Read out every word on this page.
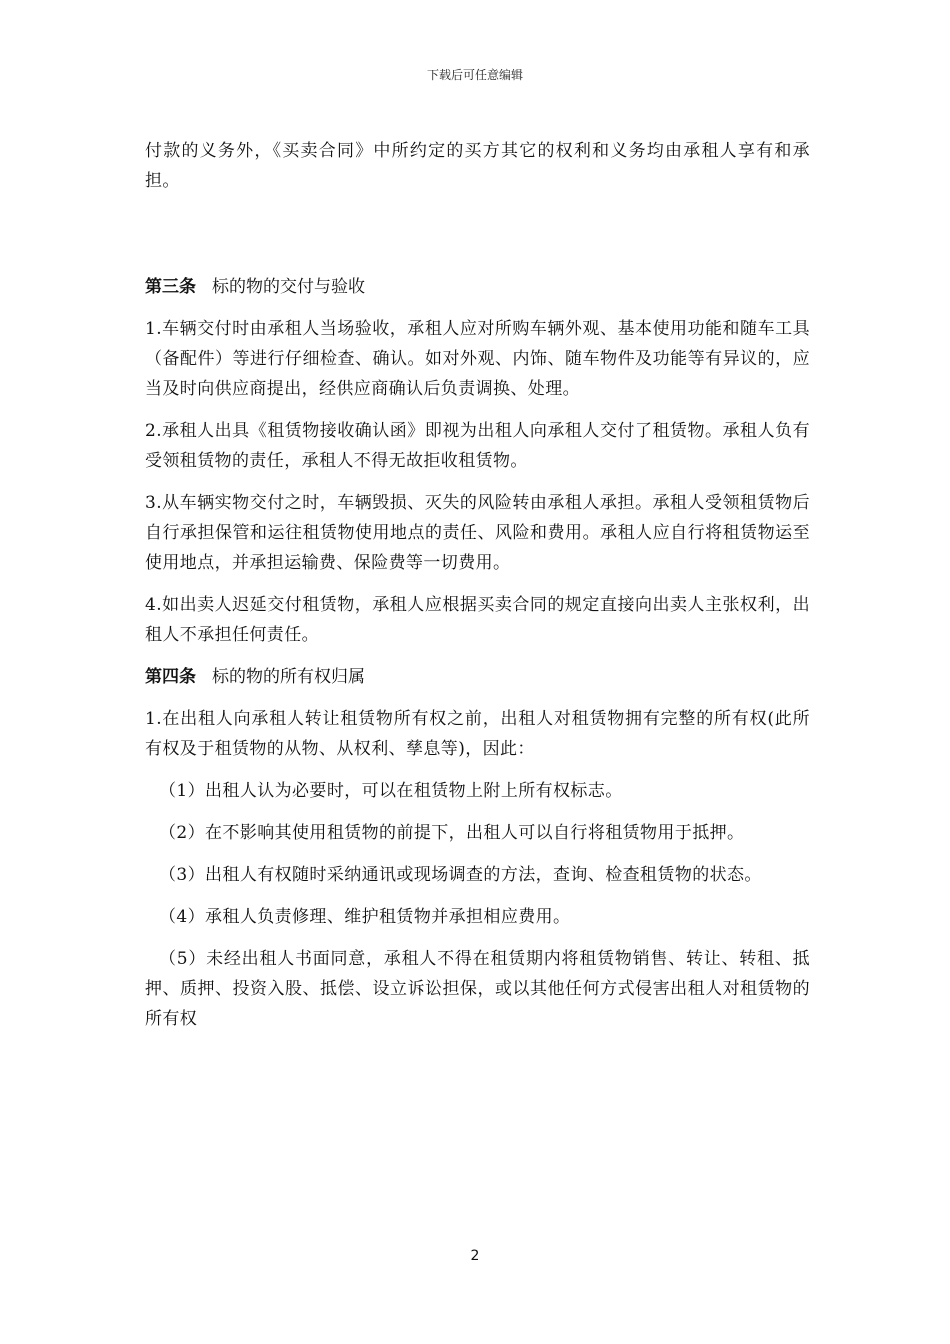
下载后可任意编辑

付款的义务外，《买卖合同》中所约定的买方其它的权利和义务均由承租人享有和承担。

第三条 标的物的交付与验收

1.车辆交付时由承租人当场验收，承租人应对所购车辆外观、基本使用功能和随车工具（备配件）等进行仔细检查、确认。如对外观、内饰、随车物件及功能等有异议的，应当及时向供应商提出，经供应商确认后负责调换、处理。

2.承租人出具《租赁物接收确认函》即视为出租人向承租人交付了租赁物。承租人负有受领租赁物的责任，承租人不得无故拒收租赁物。

3.从车辆实物交付之时，车辆毁损、灭失的风险转由承租人承担。承租人受领租赁物后自行承担保管和运往租赁物使用地点的责任、风险和费用。承租人应自行将租赁物运至使用地点，并承担运输费、保险费等一切费用。

4.如出卖人迟延交付租赁物，承租人应根据买卖合同的规定直接向出卖人主张权利，出租人不承担任何责任。

第四条 标的物的所有权归属

1.在出租人向承租人转让租赁物所有权之前，出租人对租赁物拥有完整的所有权(此所有权及于租赁物的从物、从权利、孳息等)，因此：

（1）出租人认为必要时，可以在租赁物上附上所有权标志。

（2）在不影响其使用租赁物的前提下，出租人可以自行将租赁物用于抵押。

（3）出租人有权随时采纳通讯或现场调查的方法，查询、检查租赁物的状态。

（4）承租人负责修理、维护租赁物并承担相应费用。

（5）未经出租人书面同意，承租人不得在租赁期内将租赁物销售、转让、转租、抵押、质押、投资入股、抵偿、设立诉讼担保，或以其他任何方式侵害出租人对租赁物的所有权

2
